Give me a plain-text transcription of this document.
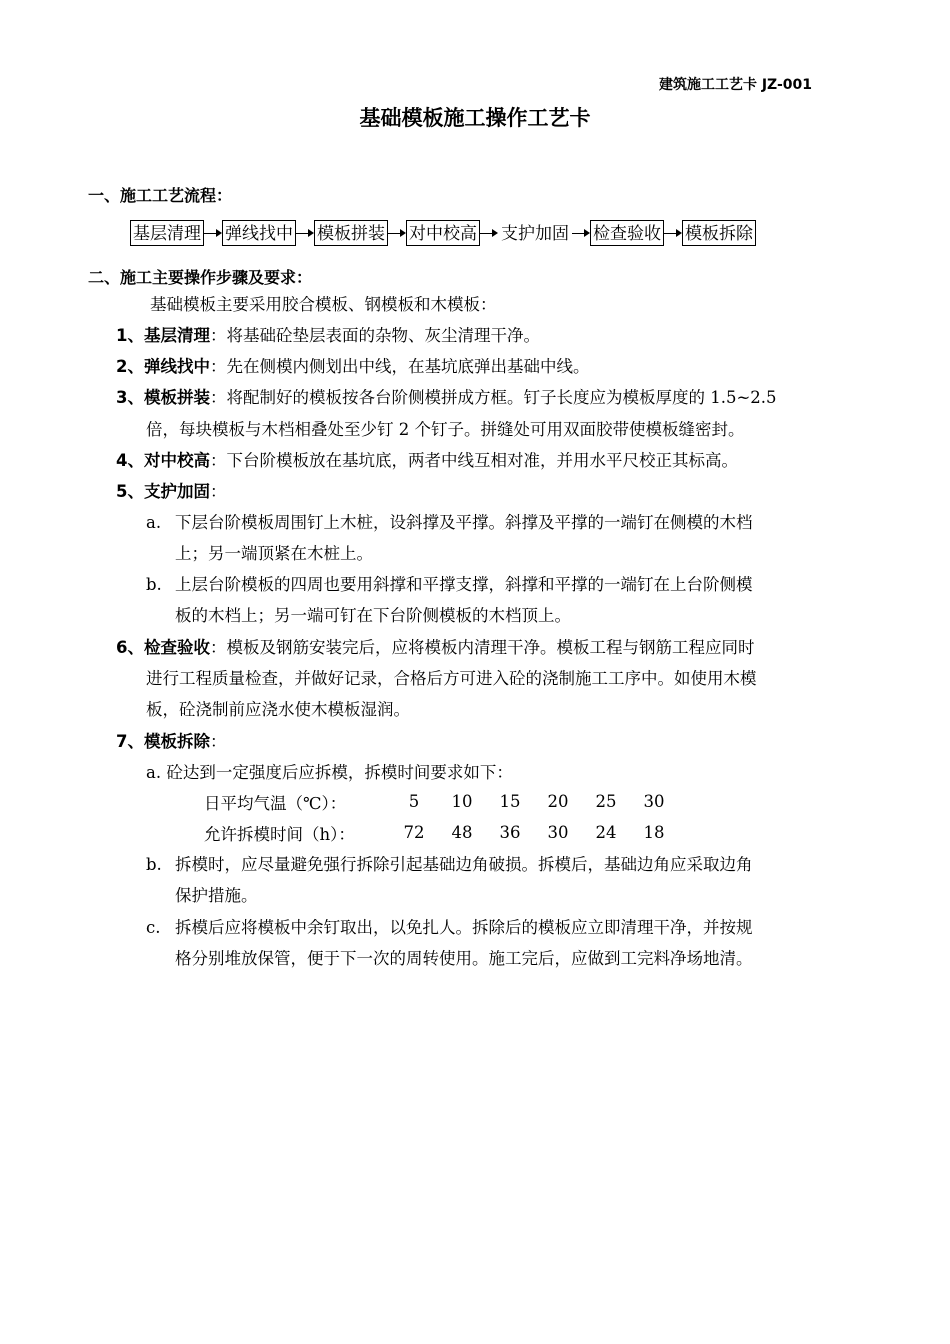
建筑施工工艺卡 JZ-001
基础模板施工操作工艺卡
一、施工工艺流程：
基层清理 弹线找中 模板拼装 对中校高 支护加固 检查验收 模板拆除
二、施工主要操作步骤及要求：
基础模板主要采用胶合模板、钢模板和木模板：
1、基层清理：将基础砼垫层表面的杂物、灰尘清理干净。
2、弹线找中：先在侧模内侧划出中线，在基坑底弹出基础中线。
3、模板拼装：将配制好的模板按各台阶侧模拼成方框。钉子长度应为模板厚度的 1.5~2.5
倍，每块模板与木档相叠处至少钉 2 个钉子。拼缝处可用双面胶带使模板缝密封。
4、对中校高：下台阶模板放在基坑底，两者中线互相对准，并用水平尺校正其标高。
5、支护加固：
a. 下层台阶模板周围钉上木桩，设斜撑及平撑。斜撑及平撑的一端钉在侧模的木档
上；另一端顶紧在木桩上。
b. 上层台阶模板的四周也要用斜撑和平撑支撑，斜撑和平撑的一端钉在上台阶侧模
板的木档上；另一端可钉在下台阶侧模板的木档顶上。
6、检查验收：模板及钢筋安装完后，应将模板内清理干净。模板工程与钢筋工程应同时
进行工程质量检查，并做好记录，合格后方可进入砼的浇制施工工序中。如使用木模
板，砼浇制前应浇水使木模板湿润。
7、模板拆除：
a. 砼达到一定强度后应拆模，拆模时间要求如下：
日平均气温（℃）：	5	10	15	20	25	30
允许拆模时间（h）：	72	48	36	30	24	18
b. 拆模时，应尽量避免强行拆除引起基础边角破损。拆模后，基础边角应采取边角
保护措施。
c. 拆模后应将模板中余钉取出，以免扎人。拆除后的模板应立即清理干净，并按规
格分别堆放保管，便于下一次的周转使用。施工完后，应做到工完料净场地清。
